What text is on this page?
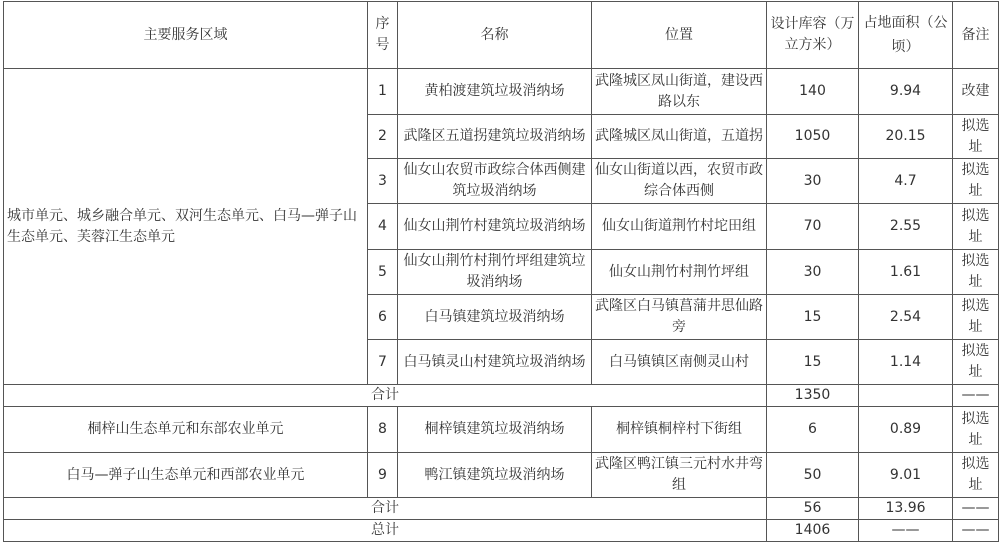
主要服务区域	序号	名称	位置	设计库容（万立方米）	占地面积（公顷）	备注
城市单元、城乡融合单元、双河生态单元、白马—弹子山生态单元、芙蓉江生态单元	1	黄柏渡建筑垃圾消纳场	武隆城区凤山街道，建设西路以东	140	9.94	改建
	2	武隆区五道拐建筑垃圾消纳场	武隆城区凤山街道，五道拐	1050	20.15	拟选址
	3	仙女山农贸市政综合体西侧建筑垃圾消纳场	仙女山街道以西，农贸市政综合体西侧	30	4.7	拟选址
	4	仙女山荆竹村建筑垃圾消纳场	仙女山街道荆竹村坨田组	70	2.55	拟选址
	5	仙女山荆竹村荆竹坪组建筑垃圾消纳场	仙女山荆竹村荆竹坪组	30	1.61	拟选址
	6	白马镇建筑垃圾消纳场	武隆区白马镇菖蒲井思仙路旁	15	2.54	拟选址
	7	白马镇灵山村建筑垃圾消纳场	白马镇镇区南侧灵山村	15	1.14	拟选址
合计				1350		——
桐梓山生态单元和东部农业单元	8	桐梓镇建筑垃圾消纳场	桐梓镇桐梓村下街组	6	0.89	拟选址
白马—弹子山生态单元和西部农业单元	9	鸭江镇建筑垃圾消纳场	武隆区鸭江镇三元村水井弯组	50	9.01	拟选址
合计				56	13.96	——
总计				1406	——	——
